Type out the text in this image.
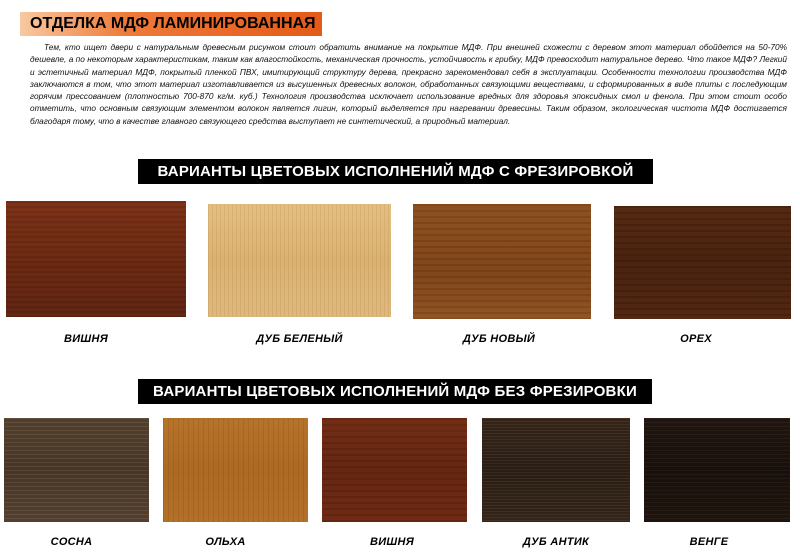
ОТДЕЛКА МДФ ЛАМИНИРОВАННАЯ

Тем, кто ищет двери с натуральным древесным рисунком стоит обратить внимание на покрытие МДФ. При внешней схожести с деревом этот материал обойдется на 50-70% дешевле, а по некоторым характеристикам, таким как влагостойкость, механическая прочность, устойчивость к грибку, МДФ превосходит натуральное дерево. Что такое МДФ? Легкий и эстетичный материал МДФ, покрытый пленкой ПВХ, имитирующий структуру дерева, прекрасно зарекомендовал себя в эксплуатации. Особенности технологии производства МДФ заключаются в том, что этот материал изготавливается из высушенных древесных волокон, обработанных связующими веществами, и сформированных в виде плиты с последующим горячим прессованием (плотностью 700-870 кг/м. куб.) Технология производства исключает использование вредных для здоровья эпоксидных смол и фенола. При этом стоит особо отметить, что основным связующим элементом волокон является лигин, который выделяется при нагревании древесины. Таким образом, экологическая чистота МДФ достигается благодаря тому, что в качестве главного связующего средства выступает не синтетический, а природный материал.

ВАРИАНТЫ ЦВЕТОВЫХ ИСПОЛНЕНИЙ МДФ С ФРЕЗИРОВКОЙ
ВИШНЯ	ДУБ БЕЛЕНЫЙ	ДУБ НОВЫЙ	ОРЕХ
ВАРИАНТЫ ЦВЕТОВЫХ ИСПОЛНЕНИЙ МДФ БЕЗ ФРЕЗИРОВКИ
СОСНА	ОЛЬХА	ВИШНЯ	ДУБ АНТИК	ВЕНГЕ
